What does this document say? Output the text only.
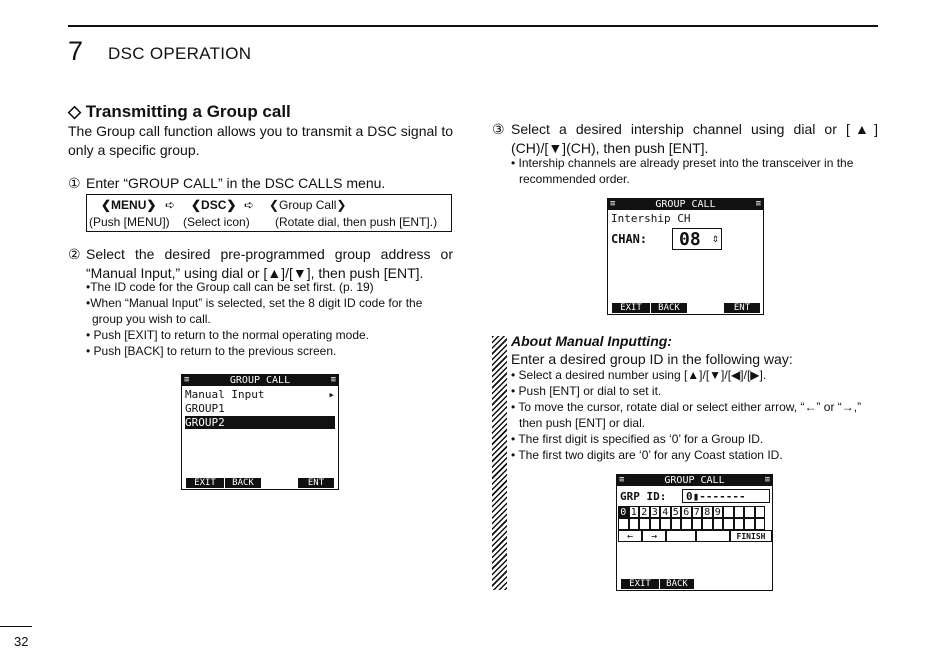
7 DSC OPERATION
◇ Transmitting a Group call
The Group call function allows you to transmit a DSC signal to only a specific group.
① Enter “GROUP CALL” in the DSC CALLS menu.
❮MENU❯ ➪ ❮DSC❯ ➪ ❮Group Call❯
(Push [MENU]) (Select icon) (Rotate dial, then push [ENT].)
② Select the desired pre-programmed group address or “Manual Input,” using dial or [▲]/[▼], then push [ENT].
•The ID code for the Group call can be set first. (p. 19)
•When “Manual Input” is selected, set the 8 digit ID code for the group you wish to call.
• Push [EXIT] to return to the normal operating mode.
• Push [BACK] to return to the previous screen.
GROUP CALL
≡	≡
Manual Input	▸
GROUP1
GROUP2
EXIT	BACK	ENT
③ Select a desired intership channel using dial or [▲](CH)/[▼](CH), then push [ENT].
• Intership channels are already preset into the transceiver in the recommended order.
GROUP CALL
≡	≡
Intership CH
CHAN:	08 ⇕
EXIT	BACK	ENT
About Manual Inputting:
Enter a desired group ID in the following way:
• Select a desired number using [▲]/[▼]/[◀]/[▶].
• Push [ENT] or dial to set it.
• To move the cursor, rotate dial or select either arrow, “←” or “→,” then push [ENT] or dial.
• The first digit is specified as ‘0’ for a Group ID.
• The first two digits are ‘0’ for any Coast station ID.
GROUP CALL
≡	≡
GRP ID:	0▮-------
0 1 2 3 4 5 6 7 8 9
←	→	FINISH
EXIT	BACK
32
